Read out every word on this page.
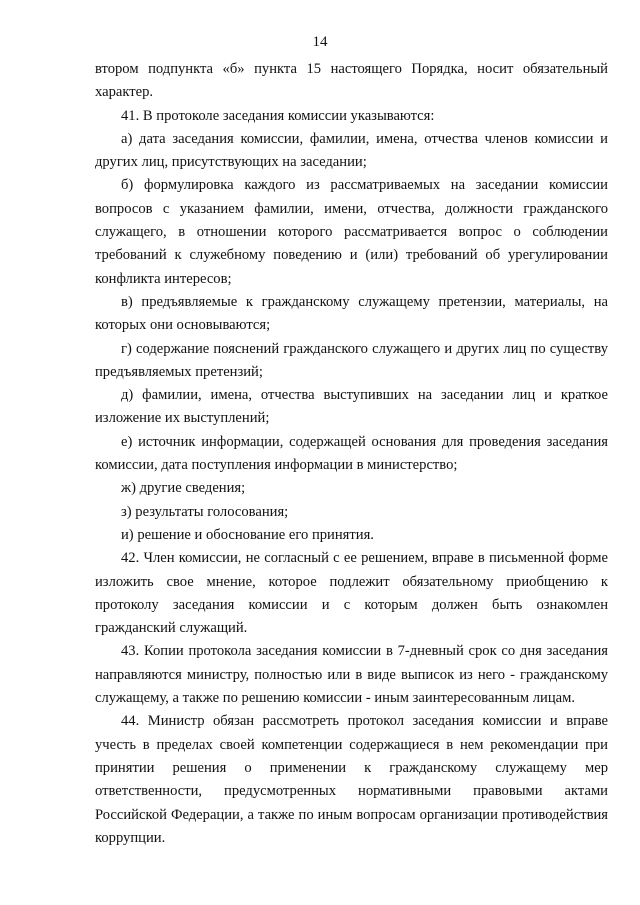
14

втором подпункта «б» пункта 15 настоящего Порядка, носит обязательный характер.

41. В протоколе заседания комиссии указываются:

а) дата заседания комиссии, фамилии, имена, отчества членов комиссии и других лиц, присутствующих на заседании;

б) формулировка каждого из рассматриваемых на заседании комиссии вопросов с указанием фамилии, имени, отчества, должности гражданского служащего, в отношении которого рассматривается вопрос о соблюдении требований к служебному поведению и (или) требований об урегулировании конфликта интересов;

в) предъявляемые к гражданскому служащему претензии, материалы, на которых они основываются;

г) содержание пояснений гражданского служащего и других лиц по существу предъявляемых претензий;

д) фамилии, имена, отчества выступивших на заседании лиц и краткое изложение их выступлений;

е) источник информации, содержащей основания для проведения заседания комиссии, дата поступления информации в министерство;

ж) другие сведения;

з) результаты голосования;

и) решение и обоснование его принятия.

42. Член комиссии, не согласный с ее решением, вправе в письменной форме изложить свое мнение, которое подлежит обязательному приобщению к протоколу заседания комиссии и с которым должен быть ознакомлен гражданский служащий.

43. Копии протокола заседания комиссии в 7-дневный срок со дня заседания направляются министру, полностью или в виде выписок из него - гражданскому служащему, а также по решению комиссии - иным заинтересованным лицам.

44. Министр обязан рассмотреть протокол заседания комиссии и вправе учесть в пределах своей компетенции содержащиеся в нем рекомендации при принятии решения о применении к гражданскому служащему мер ответственности, предусмотренных нормативными правовыми актами Российской Федерации, а также по иным вопросам организации противодействия коррупции.
